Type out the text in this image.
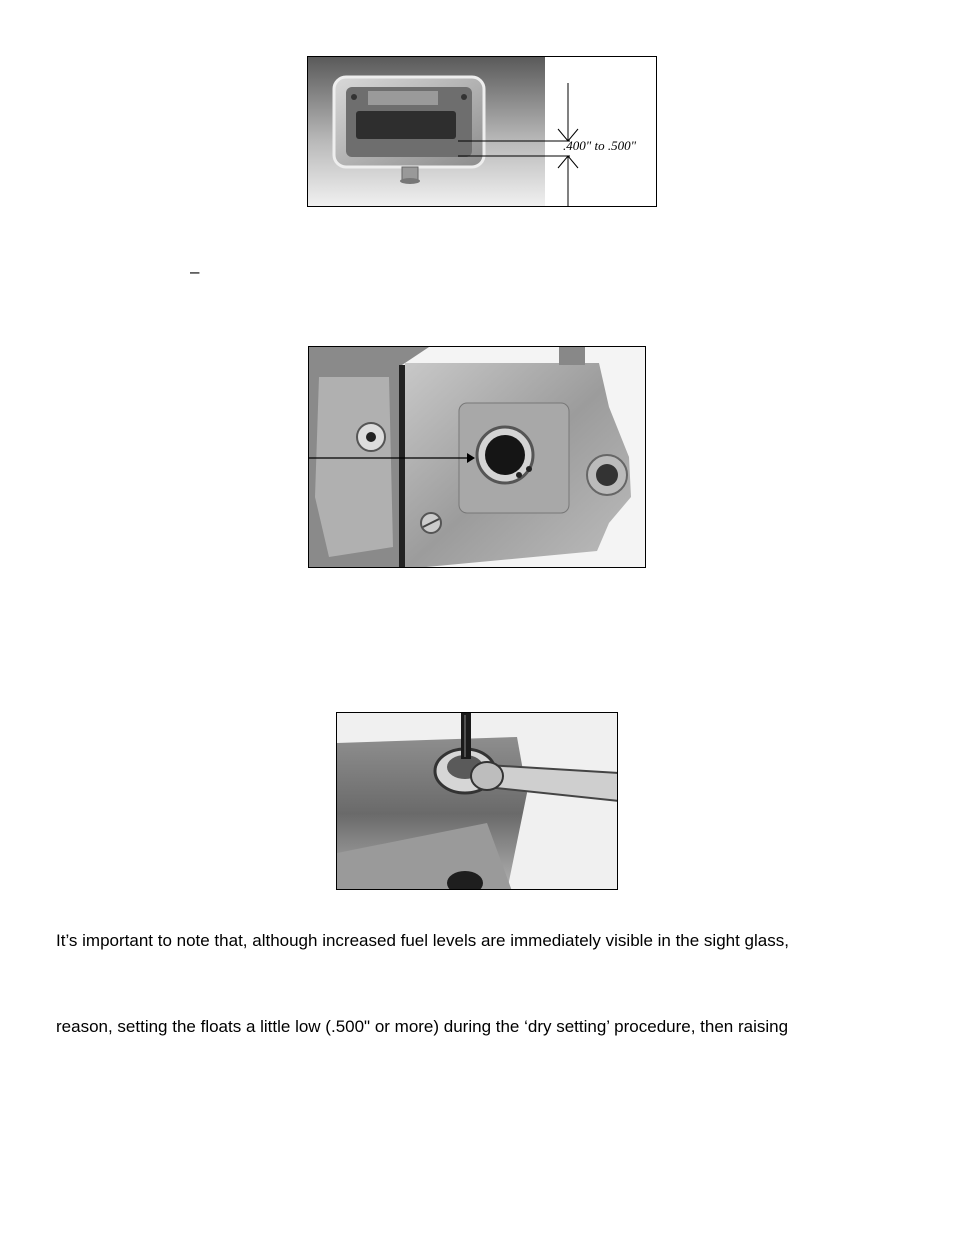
.400" to .500"
–
It’s important to note that, although increased fuel levels are immediately visible in the sight glass,
reason, setting the floats a little low (.500" or more) during the ‘dry setting’ procedure, then raising
